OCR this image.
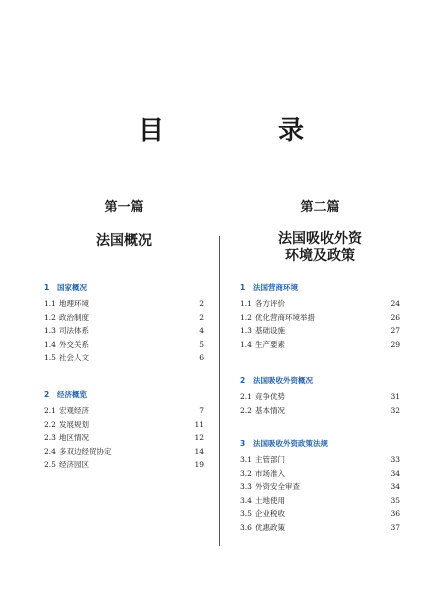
目　录
第一篇
法国概况
1 国家概况
1.1 地理环境	2
1.2 政治制度	2
1.3 司法体系	4
1.4 外交关系	5
1.5 社会人文	6
2 经济概览
2.1 宏观经济	7
2.2 发展规划	11
2.3 地区情况	12
2.4 多双边经贸协定	14
2.5 经济园区	19
第二篇
法国吸收外资
环境及政策
1 法国营商环境
1.1 各方评价	24
1.2 优化营商环境举措	26
1.3 基础设施	27
1.4 生产要素	29
2 法国吸收外资概况
2.1 竞争优势	31
2.2 基本情况	32
3 法国吸收外资政策法规
3.1 主管部门	33
3.2 市场准入	34
3.3 外资安全审查	34
3.4 土地使用	35
3.5 企业税收	36
3.6 优惠政策	37
